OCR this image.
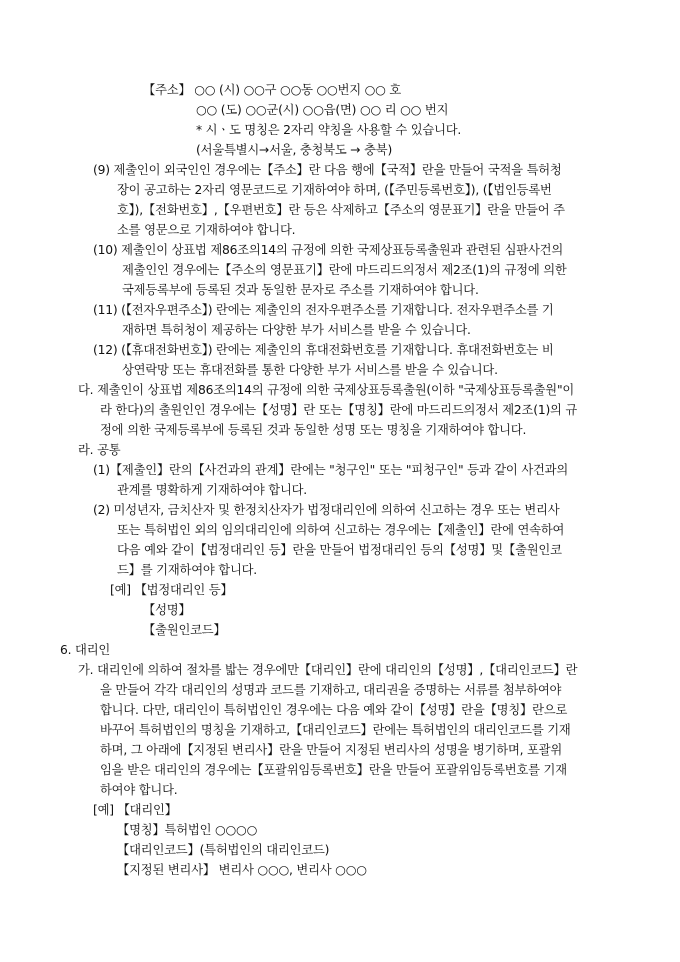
【주소】 ○○ (시) ○○구 ○○동 ○○번지 ○○ 호
○○ (도) ○○군(시) ○○읍(면) ○○ 리 ○○ 번지
* 시ㆍ도 명칭은 2자리 약칭을 사용할 수 있습니다.
(서울특별시→서울, 충청북도 → 충북)
(9) 제출인이 외국인인 경우에는【주소】란 다음 행에【국적】란을 만들어 국적을 특허청
장이 공고하는 2자리 영문코드로 기재하여야 하며, (【주민등록번호】), (【법인등록번
호】),【전화번호】,【우편번호】란 등은 삭제하고【주소의 영문표기】란을 만들어 주
소를 영문으로 기재하여야 합니다.
(10) 제출인이 상표법 제86조의14의 규정에 의한 국제상표등록출원과 관련된 심판사건의
제출인인 경우에는【주소의 영문표기】란에 마드리드의정서 제2조(1)의 규정에 의한
국제등록부에 등록된 것과 동일한 문자로 주소를 기재하여야 합니다.
(11) (【전자우편주소】) 란에는 제출인의 전자우편주소를 기재합니다. 전자우편주소를 기
재하면 특허청이 제공하는 다양한 부가 서비스를 받을 수 있습니다.
(12) (【휴대전화번호】) 란에는 제출인의 휴대전화번호를 기재합니다. 휴대전화번호는 비
상연락망 또는 휴대전화를 통한 다양한 부가 서비스를 받을 수 있습니다.
다. 제출인이 상표법 제86조의14의 규정에 의한 국제상표등록출원(이하 "국제상표등록출원"이
라 한다)의 출원인인 경우에는【성명】란 또는【명칭】란에 마드리드의정서 제2조(1)의 규
정에 의한 국제등록부에 등록된 것과 동일한 성명 또는 명칭을 기재하여야 합니다.
라. 공통
(1)【제출인】란의【사건과의 관계】란에는 "청구인" 또는 "피청구인" 등과 같이 사건과의
관계를 명확하게 기재하여야 합니다.
(2) 미성년자, 금치산자 및 한정치산자가 법정대리인에 의하여 신고하는 경우 또는 변리사
또는 특허법인 외의 임의대리인에 의하여 신고하는 경우에는【제출인】란에 연속하여
다음 예와 같이【법정대리인 등】란을 만들어 법정대리인 등의【성명】및【출원인코
드】를 기재하여야 합니다.
[예] 【법정대리인 등】
【성명】
【출원인코드】
6. 대리인
가. 대리인에 의하여 절차를 밟는 경우에만【대리인】란에 대리인의【성명】,【대리인코드】란
을 만들어 각각 대리인의 성명과 코드를 기재하고, 대리권을 증명하는 서류를 첨부하여야
합니다. 다만, 대리인이 특허법인인 경우에는 다음 예와 같이【성명】란을【명칭】란으로
바꾸어 특허법인의 명칭을 기재하고,【대리인코드】란에는 특허법인의 대리인코드를 기재
하며, 그 아래에【지정된 변리사】란을 만들어 지정된 변리사의 성명을 병기하며, 포괄위
임을 받은 대리인의 경우에는【포괄위임등록번호】란을 만들어 포괄위임등록번호를 기재
하여야 합니다.
[예] 【대리인】
【명칭】특허법인 ○○○○
【대리인코드】(특허법인의 대리인코드)
【지정된 변리사】 변리사 ○○○, 변리사 ○○○
